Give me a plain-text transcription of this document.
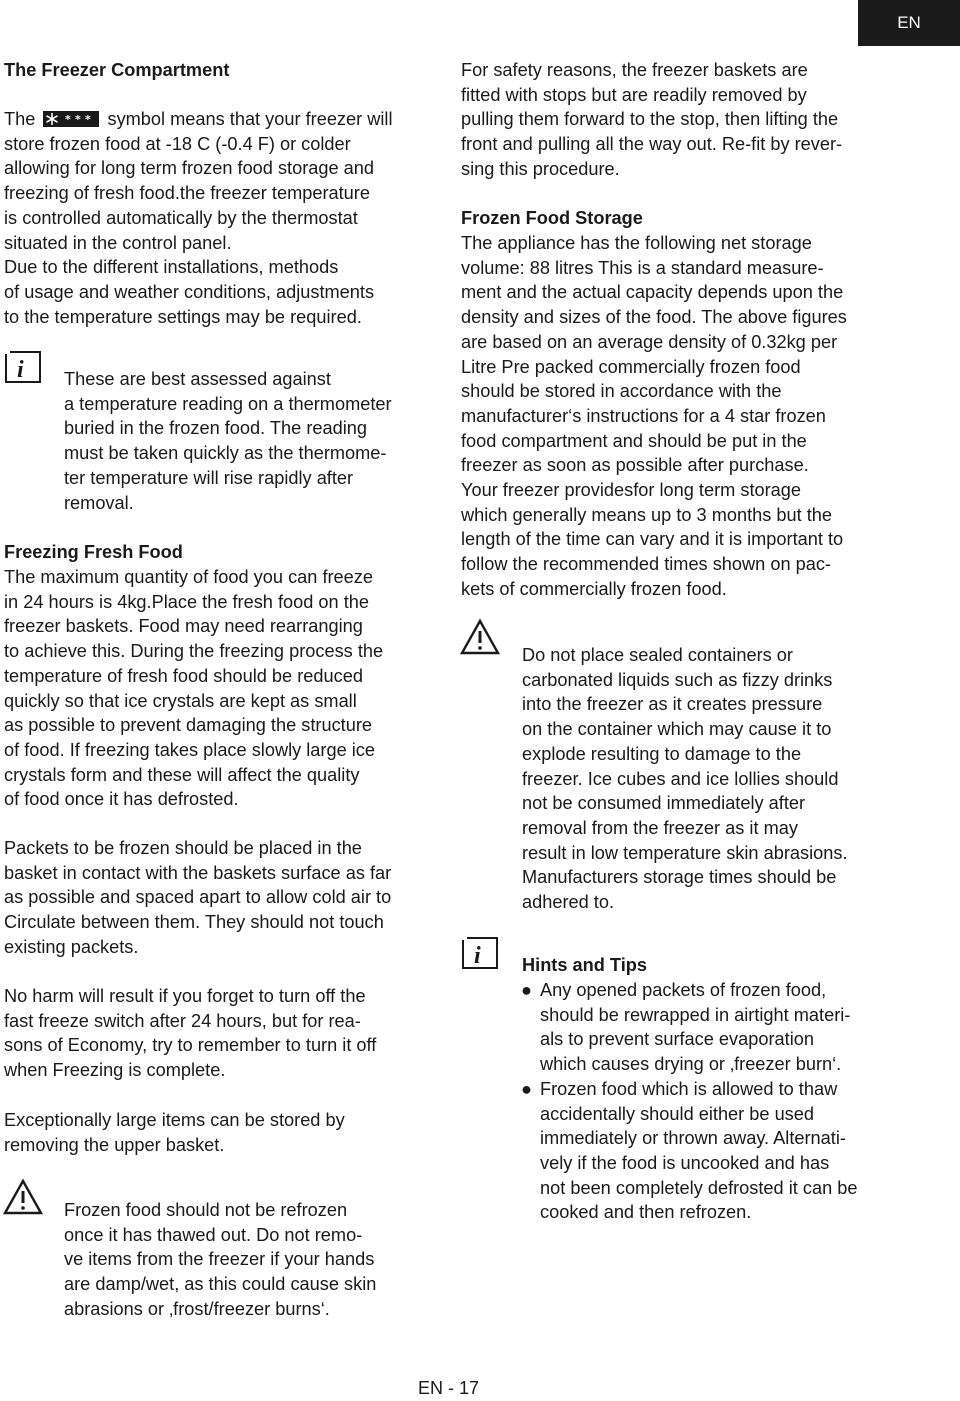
EN
The Freezer Compartment
The	* * * symbol means that your freezer will
store frozen food at -18 C (-0.4 F) or colder
allowing for long term frozen food storage and
freezing of fresh food.the freezer temperature
is controlled automatically by the thermostat
situated in the control panel.
Due to the different installations, methods
of usage and weather conditions, adjustments
to the temperature settings may be required.
i These are best assessed against
a temperature reading on a thermometer
buried in the frozen food. The reading
must be taken quickly as the thermome-
ter temperature will rise rapidly after
removal.
Freezing Fresh Food
The maximum quantity of food you can freeze
in 24 hours is 4kg.Place the fresh food on the
freezer baskets. Food may need rearranging
to achieve this. During the freezing process the
temperature of fresh food should be reduced
quickly so that ice crystals are kept as small
as possible to prevent damaging the structure
of food. If freezing takes place slowly large ice
crystals form and these will affect the quality
of food once it has defrosted.
Packets to be frozen should be placed in the
basket in contact with the baskets surface as far
as possible and spaced apart to allow cold air to
Circulate between them. They should not touch
existing packets.
No harm will result if you forget to turn off the
fast freeze switch after 24 hours, but for rea-
sons of Economy, try to remember to turn it off
when Freezing is complete.
Exceptionally large items can be stored by
removing the upper basket.
Frozen food should not be refrozen
once it has thawed out. Do not remo-
ve items from the freezer if your hands
are damp/wet, as this could cause skin
abrasions or ‚frost/freezer burns‘.
For safety reasons, the freezer baskets are
fitted with stops but are readily removed by
pulling them forward to the stop, then lifting the
front and pulling all the way out. Re-fit by rever-
sing this procedure.
Frozen Food Storage
The appliance has the following net storage
volume: 88 litres This is a standard measure-
ment and the actual capacity depends upon the
density and sizes of the food. The above figures
are based on an average density of 0.32kg per
Litre Pre packed commercially frozen food
should be stored in accordance with the
manufacturer‘s instructions for a 4 star frozen
food compartment and should be put in the
freezer as soon as possible after purchase.
Your freezer providesfor long term storage
which generally means up to 3 months but the
length of the time can vary and it is important to
follow the recommended times shown on pac-
kets of commercially frozen food.
Do not place sealed containers or
carbonated liquids such as fizzy drinks
into the freezer as it creates pressure
on the container which may cause it to
explode resulting to damage to the
freezer. Ice cubes and ice lollies should
not be consumed immediately after
removal from the freezer as it may
result in low temperature skin abrasions.
Manufacturers storage times should be
adhered to.
i Hints and Tips
● Any opened packets of frozen food,
should be rewrapped in airtight materi-
als to prevent surface evaporation
which causes drying or ‚freezer burn‘.
● Frozen food which is allowed to thaw
accidentally should either be used
immediately or thrown away. Alternati-
vely if the food is uncooked and has
not been completely defrosted it can be
cooked and then refrozen.
EN - 17
